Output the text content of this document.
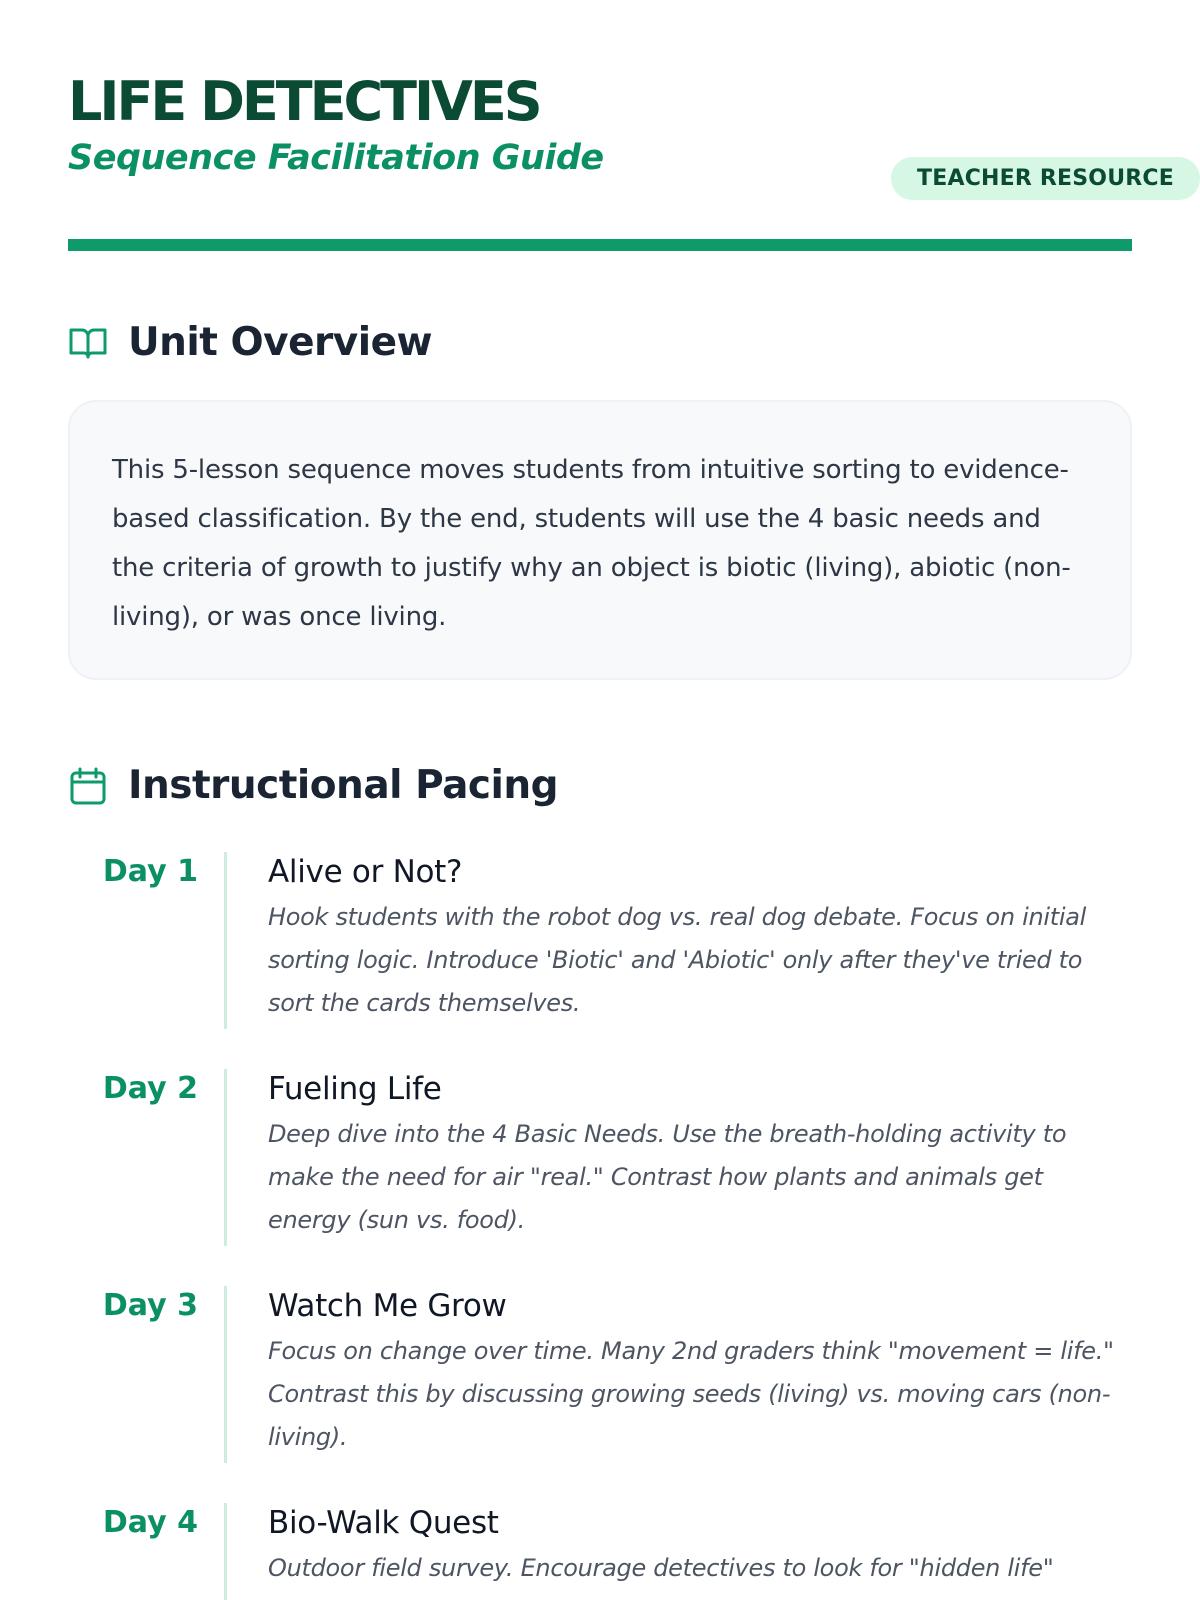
LIFE DETECTIVES
Sequence Facilitation Guide
TEACHER RESOURCE
Unit Overview

This 5-lesson sequence moves students from intuitive sorting to evidence-based classification. By the end, students will use the 4 basic needs and the criteria of growth to justify why an object is biotic (living), abiotic (non-living), or was once living.

Instructional Pacing
Day 1	Alive or Not?

Hook students with the robot dog vs. real dog debate. Focus on initial sorting logic. Introduce 'Biotic' and 'Abiotic' only after they've tried to sort the cards themselves.

Day 2	Fueling Life

Deep dive into the 4 Basic Needs. Use the breath-holding activity to make the need for air "real." Contrast how plants and animals get energy (sun vs. food).

Day 3	Watch Me Grow

Focus on change over time. Many 2nd graders think "movement = life." Contrast this by discussing growing seeds (living) vs. moving cars (non-living).

Day 4	Bio-Walk Quest

Outdoor field survey. Encourage detectives to look for "hidden life"
